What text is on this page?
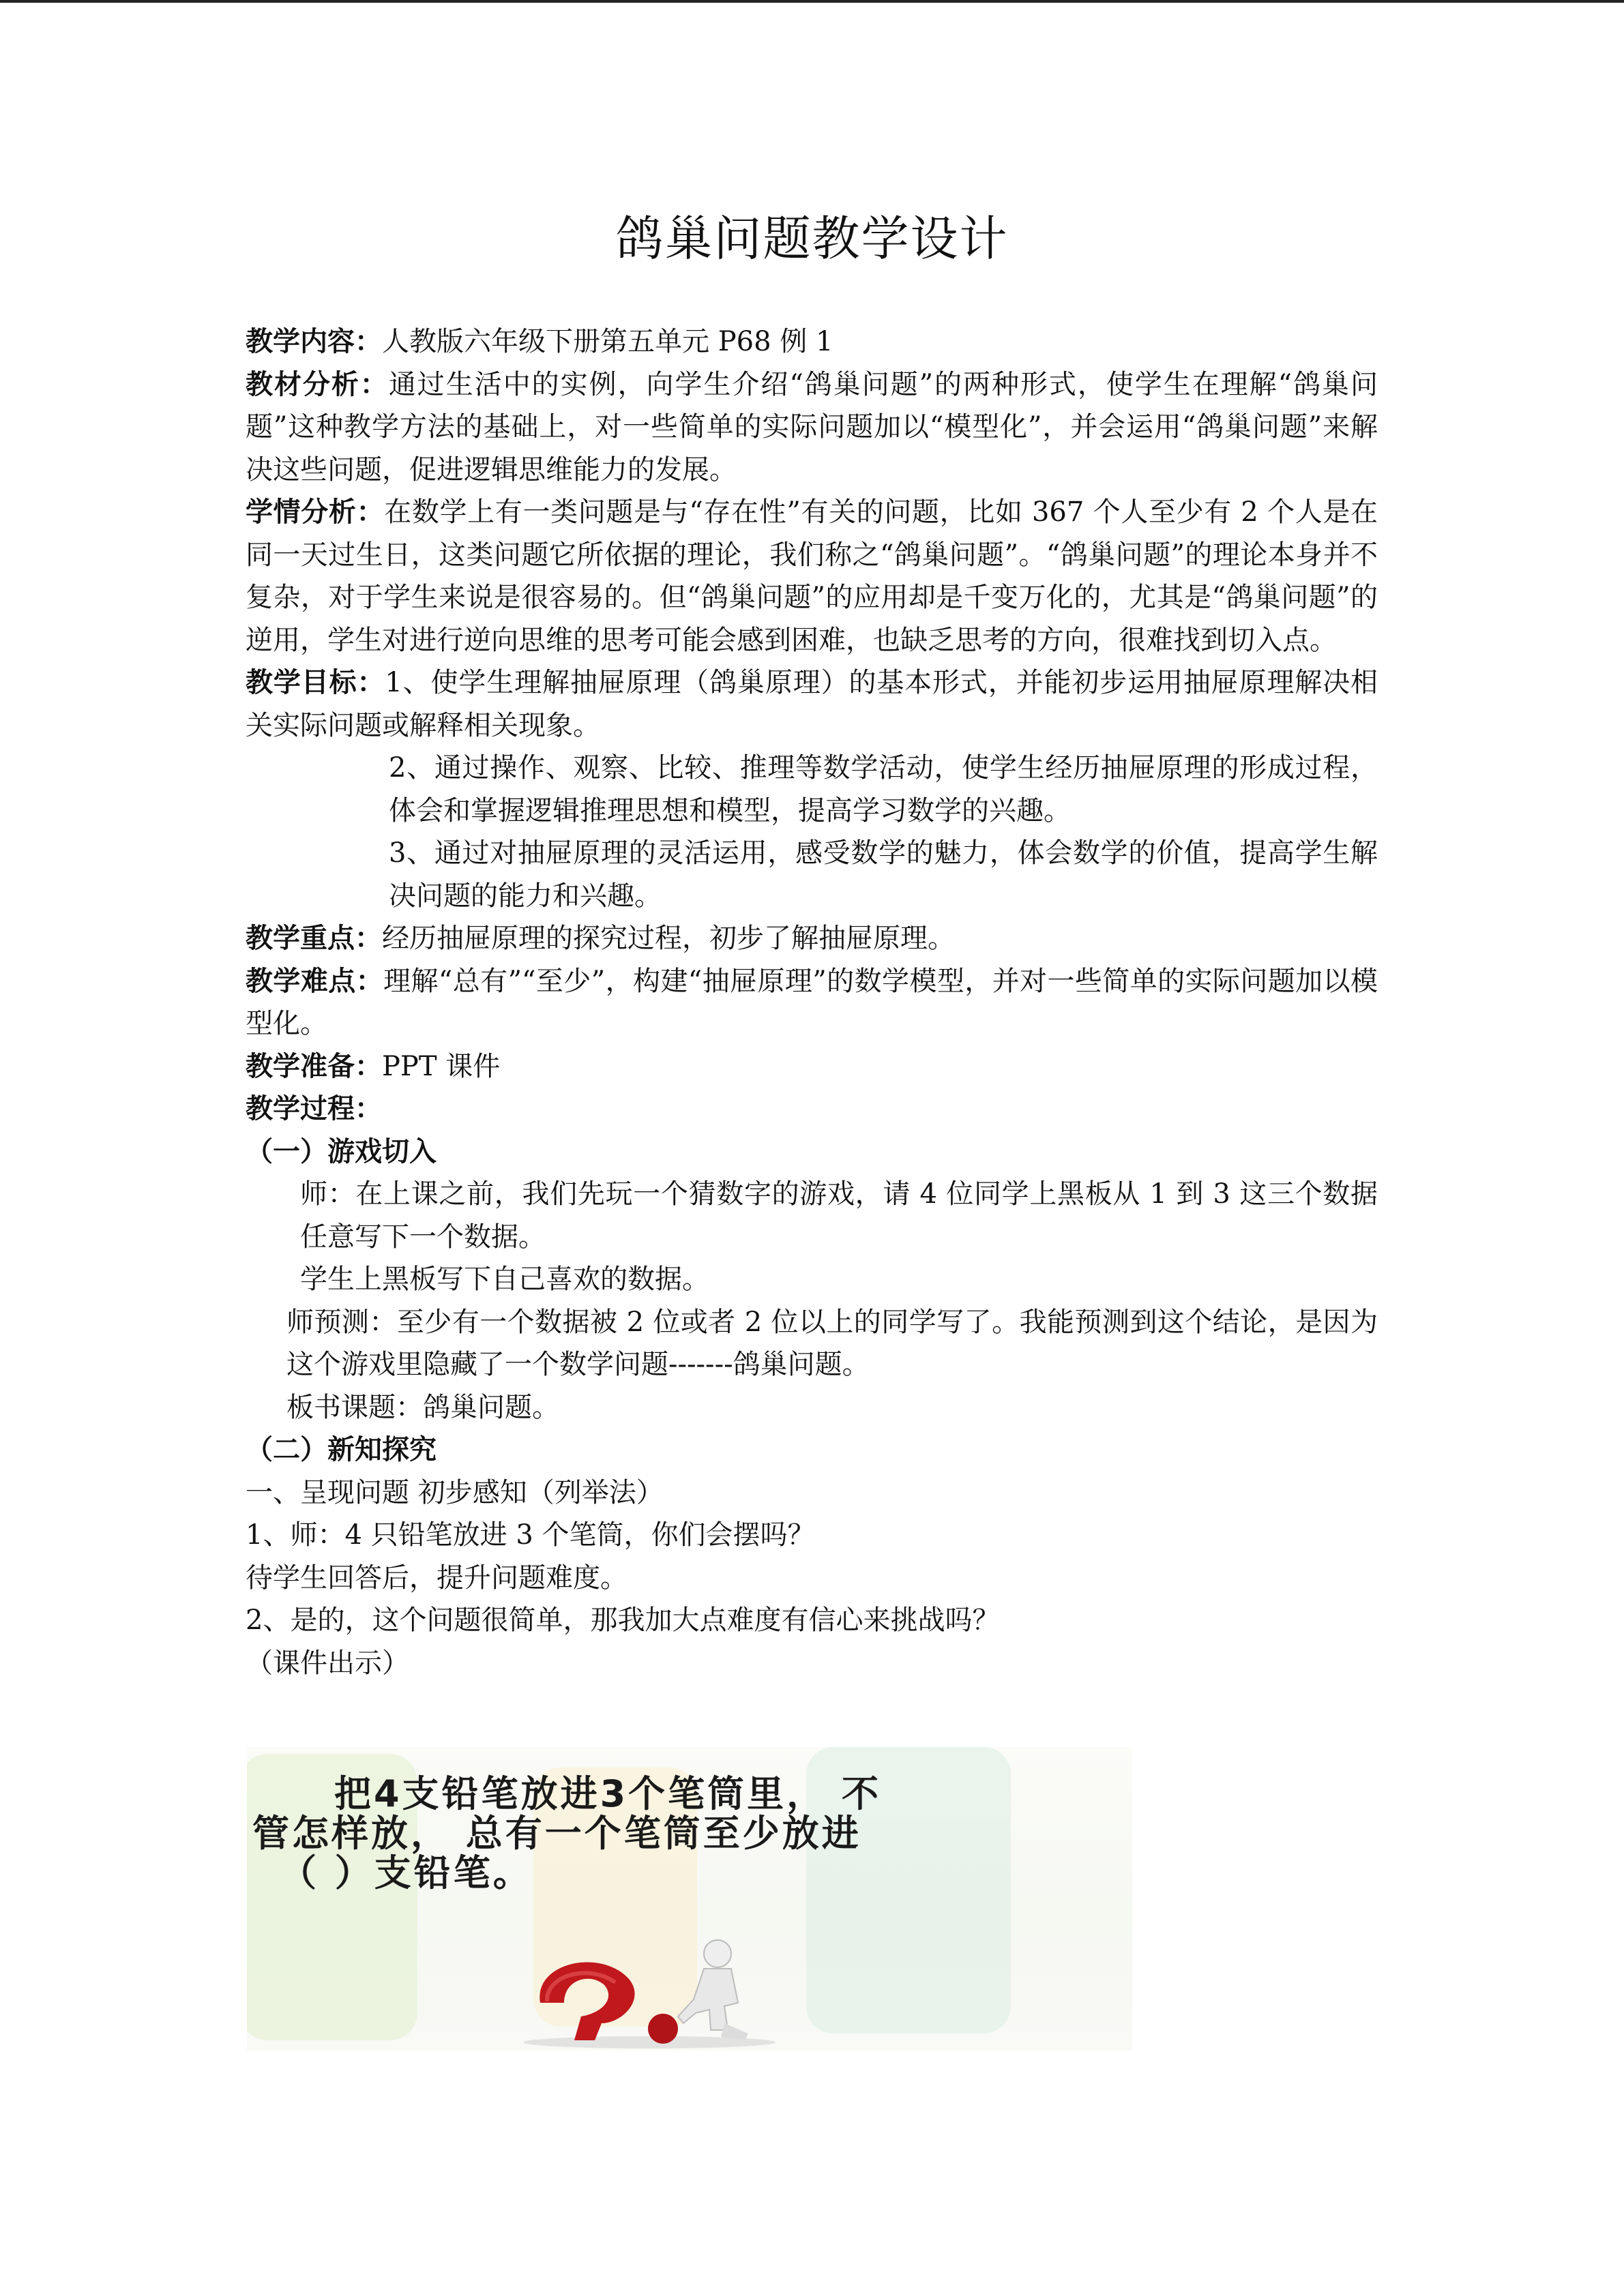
鸽巢问题教学设计

教学内容：人教版六年级下册第五单元 P68 例 1

教材分析：通过生活中的实例，向学生介绍“鸽巢问题”的两种形式，使学生在理解“鸽巢问题”这种教学方法的基础上，对一些简单的实际问题加以“模型化”，并会运用“鸽巢问题”来解决这些问题，促进逻辑思维能力的发展。

学情分析：在数学上有一类问题是与“存在性”有关的问题，比如 367 个人至少有 2 个人是在同一天过生日，这类问题它所依据的理论，我们称之“鸽巢问题”。“鸽巢问题”的理论本身并不复杂，对于学生来说是很容易的。但“鸽巢问题”的应用却是千变万化的，尤其是“鸽巢问题”的逆用，学生对进行逆向思维的思考可能会感到困难，也缺乏思考的方向，很难找到切入点。

教学目标：1、使学生理解抽屉原理（鸽巢原理）的基本形式，并能初步运用抽屉原理解决相关实际问题或解释相关现象。

2、通过操作、观察、比较、推理等数学活动，使学生经历抽屉原理的形成过程，体会和掌握逻辑推理思想和模型，提高学习数学的兴趣。

3、通过对抽屉原理的灵活运用，感受数学的魅力，体会数学的价值，提高学生解决问题的能力和兴趣。

教学重点：经历抽屉原理的探究过程，初步了解抽屉原理。

教学难点：理解“总有”“至少”，构建“抽屉原理”的数学模型，并对一些简单的实际问题加以模型化。

教学准备：PPT 课件

教学过程：

（一）游戏切入

师：在上课之前，我们先玩一个猜数字的游戏，请 4 位同学上黑板从 1 到 3 这三个数据任意写下一个数据。

学生上黑板写下自己喜欢的数据。

师预测：至少有一个数据被 2 位或者 2 位以上的同学写了。我能预测到这个结论，是因为这个游戏里隐藏了一个数学问题-------鸽巢问题。

板书课题：鸽巢问题。

（二）新知探究

一、呈现问题 初步感知（列举法）

1、师：4 只铅笔放进 3 个笔筒，你们会摆吗？

待学生回答后，提升问题难度。

2、是的，这个问题很简单，那我加大点难度有信心来挑战吗？

（课件出示）

把4支铅笔放进3个笔筒里， 不
管怎样放， 总有一个笔筒至少放进
（ ）支铅笔。
